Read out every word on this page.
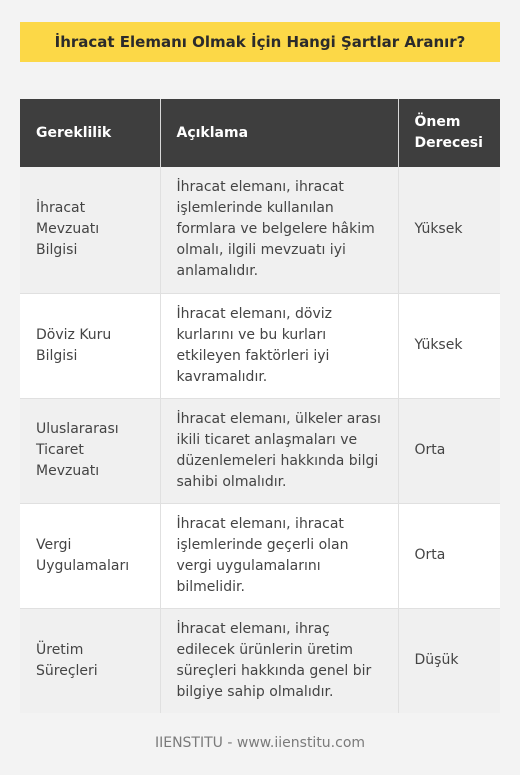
İhracat Elemanı Olmak İçin Hangi Şartlar Aranır?
Gereklilik	Açıklama	Önem Derecesi
İhracat Mevzuatı Bilgisi	İhracat elemanı, ihracat işlemlerinde kullanılan formlara ve belgelere hâkim olmalı, ilgili mevzuatı iyi anlamalıdır.	Yüksek
Döviz Kuru Bilgisi	İhracat elemanı, döviz kurlarını ve bu kurları etkileyen faktörleri iyi kavramalıdır.	Yüksek
Uluslararası Ticaret Mevzuatı	İhracat elemanı, ülkeler arası ikili ticaret anlaşmaları ve düzenlemeleri hakkında bilgi sahibi olmalıdır.	Orta
Vergi Uygulamaları	İhracat elemanı, ihracat işlemlerinde geçerli olan vergi uygulamalarını bilmelidir.	Orta
Üretim Süreçleri	İhracat elemanı, ihraç edilecek ürünlerin üretim süreçleri hakkında genel bir bilgiye sahip olmalıdır.	Düşük
IIENSTITU - www.iienstitu.com
